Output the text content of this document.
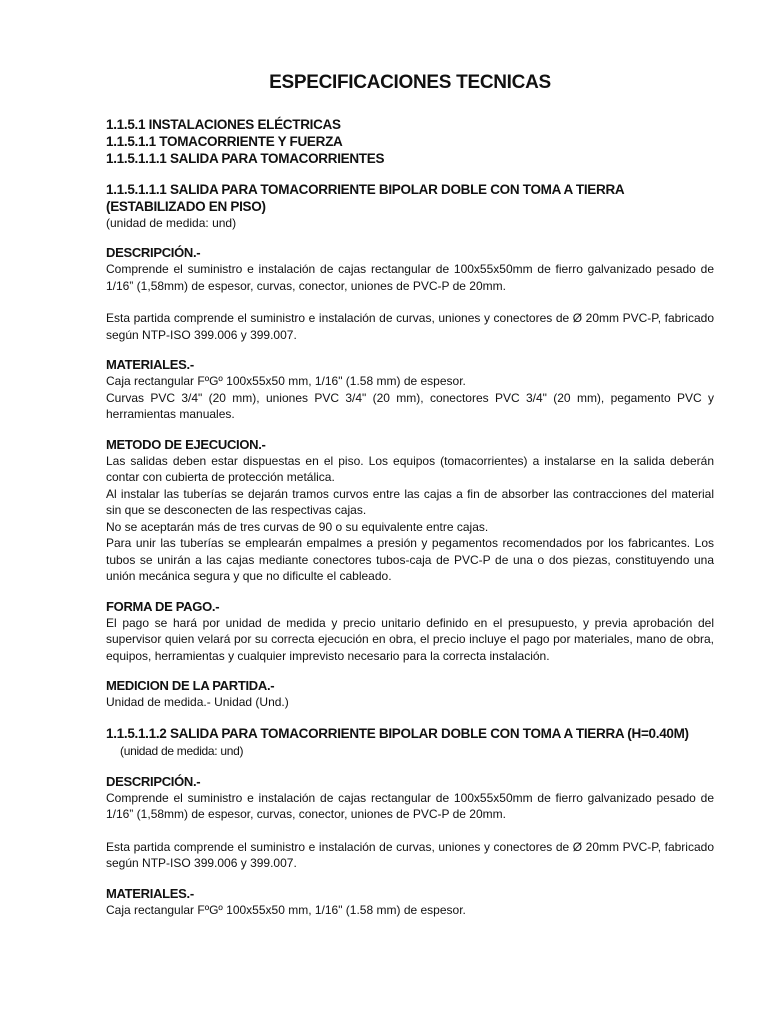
ESPECIFICACIONES TECNICAS
1.1.5.1 INSTALACIONES ELÉCTRICAS
1.1.5.1.1 TOMACORRIENTE Y FUERZA
1.1.5.1.1.1 SALIDA PARA TOMACORRIENTES
1.1.5.1.1.1 SALIDA PARA TOMACORRIENTE BIPOLAR DOBLE CON TOMA A TIERRA (ESTABILIZADO EN PISO)
(unidad de medida: und)
DESCRIPCIÓN.-
Comprende el suministro e instalación de cajas rectangular de 100x55x50mm de fierro galvanizado pesado de 1/16” (1,58mm) de espesor, curvas, conector, uniones de PVC-P de 20mm.
Esta partida comprende el suministro e instalación de curvas, uniones y conectores de Ø 20mm PVC-P, fabricado según NTP-ISO 399.006 y 399.007.
MATERIALES.-
Caja rectangular FºGº 100x55x50 mm, 1/16" (1.58 mm) de espesor.
Curvas PVC 3/4" (20 mm), uniones PVC 3/4" (20 mm), conectores PVC 3/4" (20 mm), pegamento PVC y herramientas manuales.
METODO DE EJECUCION.-
Las salidas deben estar dispuestas en el piso. Los equipos (tomacorrientes) a instalarse en la salida deberán contar con cubierta de protección metálica.
Al instalar las tuberías se dejarán tramos curvos entre las cajas a fin de absorber las contracciones del material sin que se desconecten de las respectivas cajas.
No se aceptarán más de tres curvas de 90 o su equivalente entre cajas.
Para unir las tuberías se emplearán empalmes a presión y pegamentos recomendados por los fabricantes. Los tubos se unirán a las cajas mediante conectores tubos-caja de PVC-P de una o dos piezas, constituyendo una unión mecánica segura y que no dificulte el cableado.
FORMA DE PAGO.-
El pago se hará por unidad de medida y precio unitario definido en el presupuesto, y previa aprobación del supervisor quien velará por su correcta ejecución en obra, el precio incluye el pago por materiales, mano de obra, equipos, herramientas y cualquier imprevisto necesario para la correcta instalación.
MEDICION DE LA PARTIDA.-
Unidad de medida.- Unidad (Und.)
1.1.5.1.1.2 SALIDA PARA TOMACORRIENTE BIPOLAR DOBLE CON TOMA A TIERRA (H=0.40M)(unidad de medida: und)
DESCRIPCIÓN.-
Comprende el suministro e instalación de cajas rectangular de 100x55x50mm de fierro galvanizado pesado de 1/16” (1,58mm) de espesor, curvas, conector, uniones de PVC-P de 20mm.
Esta partida comprende el suministro e instalación de curvas, uniones y conectores de Ø 20mm PVC-P, fabricado según NTP-ISO 399.006 y 399.007.
MATERIALES.-
Caja rectangular FºGº 100x55x50 mm, 1/16" (1.58 mm) de espesor.
